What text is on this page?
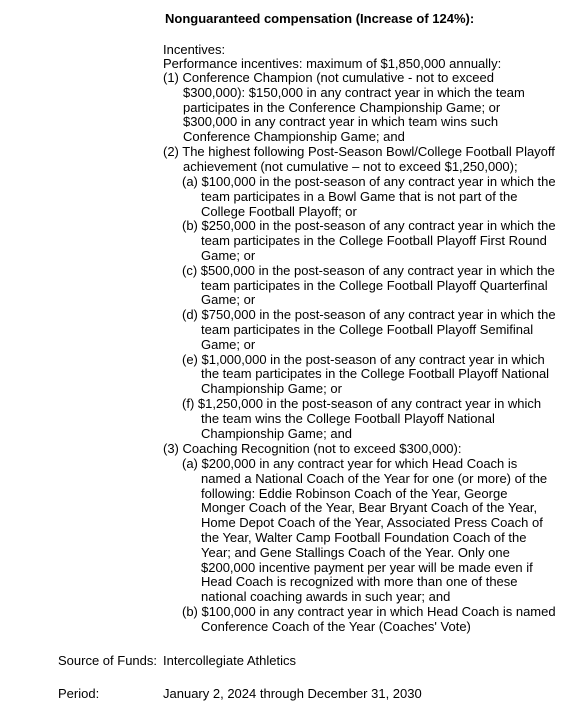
Nonguaranteed compensation (Increase of 124%):
Incentives:
Performance incentives: maximum of $1,850,000 annually:
(1) Conference Champion (not cumulative - not to exceed
$300,000): $150,000 in any contract year in which the team
participates in the Conference Championship Game; or
$300,000 in any contract year in which team wins such
Conference Championship Game; and
(2) The highest following Post-Season Bowl/College Football Playoff
achievement (not cumulative – not to exceed $1,250,000);
(a) $100,000 in the post-season of any contract year in which the
team participates in a Bowl Game that is not part of the
College Football Playoff; or
(b) $250,000 in the post-season of any contract year in which the
team participates in the College Football Playoff First Round
Game; or
(c) $500,000 in the post-season of any contract year in which the
team participates in the College Football Playoff Quarterfinal
Game; or
(d) $750,000 in the post-season of any contract year in which the
team participates in the College Football Playoff Semifinal
Game; or
(e) $1,000,000 in the post-season of any contract year in which
the team participates in the College Football Playoff National
Championship Game; or
(f) $1,250,000 in the post-season of any contract year in which
the team wins the College Football Playoff National
Championship Game; and
(3) Coaching Recognition (not to exceed $300,000):
(a) $200,000 in any contract year for which Head Coach is
named a National Coach of the Year for one (or more) of the
following: Eddie Robinson Coach of the Year, George
Monger Coach of the Year, Bear Bryant Coach of the Year,
Home Depot Coach of the Year, Associated Press Coach of
the Year, Walter Camp Football Foundation Coach of the
Year; and Gene Stallings Coach of the Year. Only one
$200,000 incentive payment per year will be made even if
Head Coach is recognized with more than one of these
national coaching awards in such year; and
(b) $100,000 in any contract year in which Head Coach is named
Conference Coach of the Year (Coaches' Vote)
Source of Funds: Intercollegiate Athletics
Period:	January 2, 2024 through December 31, 2030
